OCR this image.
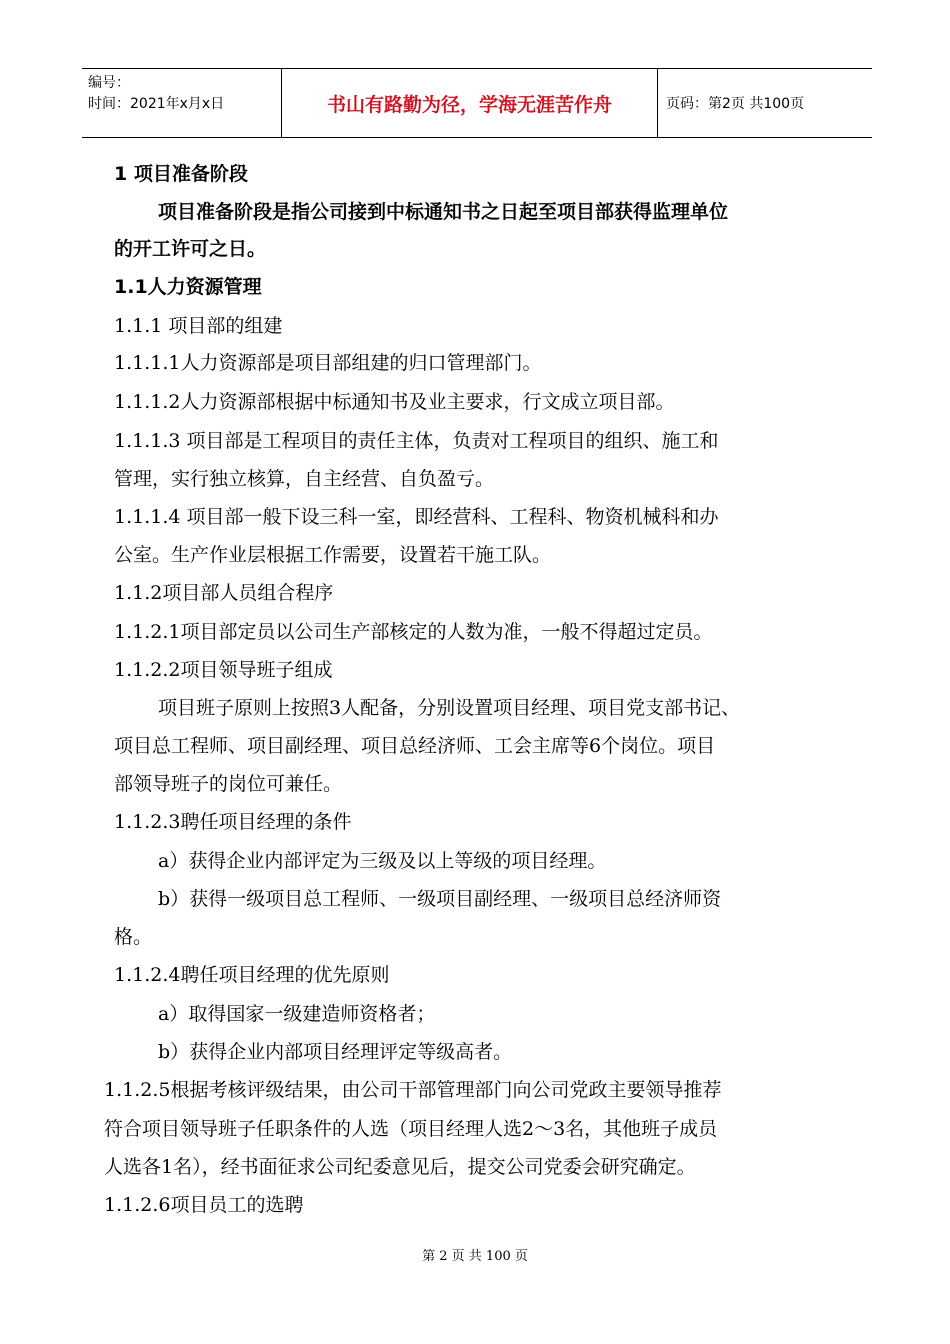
编号：
时间：2021年x月x日	书山有路勤为径，学海无涯苦作舟	页码：第2页 共100页
1 项目准备阶段
项目准备阶段是指公司接到中标通知书之日起至项目部获得监理单位
的开工许可之日。
1.1人力资源管理
1.1.1 项目部的组建
1.1.1.1人力资源部是项目部组建的归口管理部门。
1.1.1.2人力资源部根据中标通知书及业主要求，行文成立项目部。
1.1.1.3 项目部是工程项目的责任主体，负责对工程项目的组织、施工和
管理，实行独立核算，自主经营、自负盈亏。
1.1.1.4 项目部一般下设三科一室，即经营科、工程科、物资机械科和办
公室。生产作业层根据工作需要，设置若干施工队。
1.1.2项目部人员组合程序
1.1.2.1项目部定员以公司生产部核定的人数为准，一般不得超过定员。
1.1.2.2项目领导班子组成
项目班子原则上按照3人配备，分别设置项目经理、项目党支部书记、
项目总工程师、项目副经理、项目总经济师、工会主席等6个岗位。项目
部领导班子的岗位可兼任。
1.1.2.3聘任项目经理的条件
a）获得企业内部评定为三级及以上等级的项目经理。
b）获得一级项目总工程师、一级项目副经理、一级项目总经济师资
格。
1.1.2.4聘任项目经理的优先原则
a）取得国家一级建造师资格者；
b）获得企业内部项目经理评定等级高者。
1.1.2.5根据考核评级结果，由公司干部管理部门向公司党政主要领导推荐
符合项目领导班子任职条件的人选（项目经理人选2～3名，其他班子成员
人选各1名），经书面征求公司纪委意见后，提交公司党委会研究确定。
1.1.2.6项目员工的选聘
第 2 页 共 100 页
